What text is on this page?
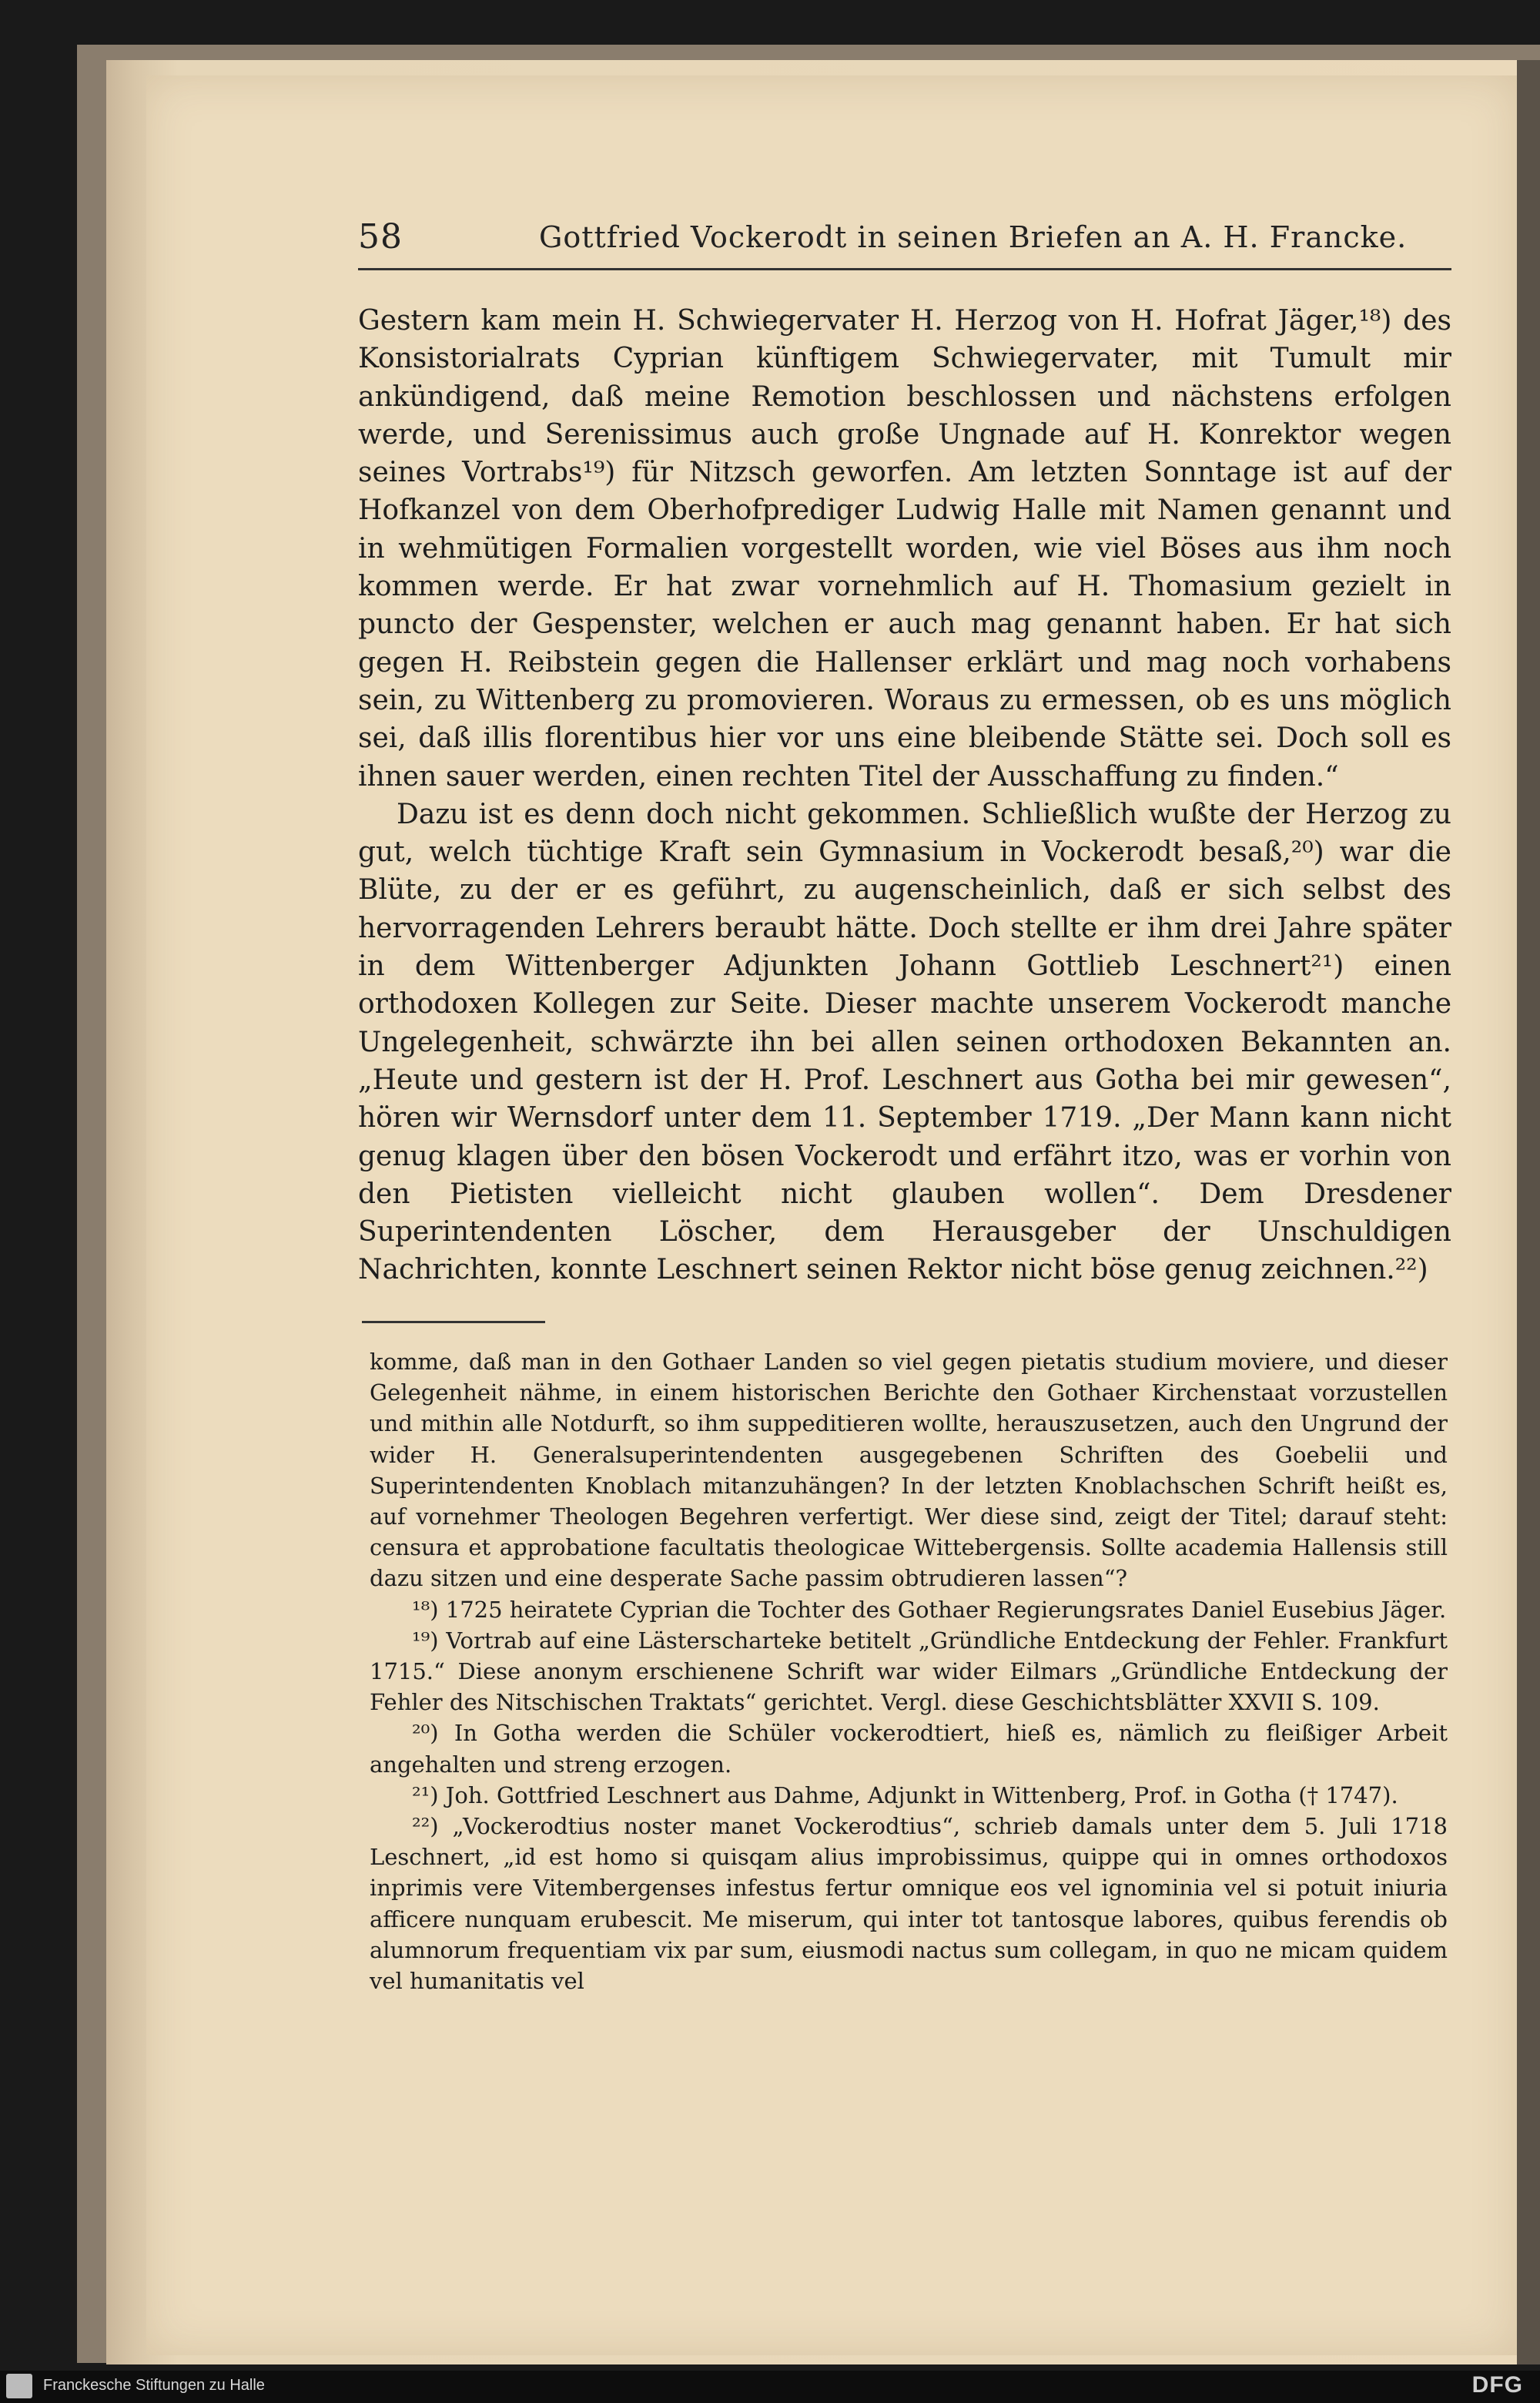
58	Gottfried Vockerodt in seinen Briefen an A. H. Francke.

Gestern kam mein H. Schwiegervater H. Herzog von H. Hofrat Jäger,¹⁸) des Konsistorialrats Cyprian künftigem Schwiegervater, mit Tumult mir ankündigend, daß meine Remotion beschlossen und nächstens erfolgen werde, und Serenissimus auch große Ungnade auf H. Konrektor wegen seines Vortrabs¹⁹) für Nitzsch geworfen. Am letzten Sonntage ist auf der Hofkanzel von dem Oberhofprediger Ludwig Halle mit Namen genannt und in wehmütigen Formalien vorgestellt worden, wie viel Böses aus ihm noch kommen werde. Er hat zwar vornehmlich auf H. Thomasium gezielt in puncto der Gespenster, welchen er auch mag genannt haben. Er hat sich gegen H. Reibstein gegen die Hallenser erklärt und mag noch vorhabens sein, zu Wittenberg zu promovieren. Woraus zu ermessen, ob es uns möglich sei, daß illis florentibus hier vor uns eine bleibende Stätte sei. Doch soll es ihnen sauer werden, einen rechten Titel der Ausschaffung zu finden.“

Dazu ist es denn doch nicht gekommen. Schließlich wußte der Herzog zu gut, welch tüchtige Kraft sein Gymnasium in Vockerodt besaß,²⁰) war die Blüte, zu der er es geführt, zu augenscheinlich, daß er sich selbst des hervorragenden Lehrers beraubt hätte. Doch stellte er ihm drei Jahre später in dem Wittenberger Adjunkten Johann Gottlieb Leschnert²¹) einen orthodoxen Kollegen zur Seite. Dieser machte unserem Vockerodt manche Ungelegenheit, schwärzte ihn bei allen seinen orthodoxen Bekannten an. „Heute und gestern ist der H. Prof. Leschnert aus Gotha bei mir gewesen“, hören wir Wernsdorf unter dem 11. September 1719. „Der Mann kann nicht genug klagen über den bösen Vockerodt und erfährt itzo, was er vorhin von den Pietisten vielleicht nicht glauben wollen“. Dem Dresdener Superintendenten Löscher, dem Herausgeber der Unschuldigen Nachrichten, konnte Leschnert seinen Rektor nicht böse genug zeichnen.²²)

komme, daß man in den Gothaer Landen so viel gegen pietatis studium moviere, und dieser Gelegenheit nähme, in einem historischen Berichte den Gothaer Kirchenstaat vorzustellen und mithin alle Notdurft, so ihm suppeditieren wollte, herauszusetzen, auch den Ungrund der wider H. Generalsuperintendenten ausgegebenen Schriften des Goebelii und Superintendenten Knoblach mitanzuhängen? In der letzten Knoblachschen Schrift heißt es, auf vornehmer Theologen Begehren verfertigt. Wer diese sind, zeigt der Titel; darauf steht: censura et approbatione facultatis theologicae Wittebergensis. Sollte academia Hallensis still dazu sitzen und eine desperate Sache passim obtrudieren lassen“?

¹⁸) 1725 heiratete Cyprian die Tochter des Gothaer Regierungsrates Daniel Eusebius Jäger.

¹⁹) Vortrab auf eine Lästerscharteke betitelt „Gründliche Entdeckung der Fehler. Frankfurt 1715.“ Diese anonym erschienene Schrift war wider Eilmars „Gründliche Entdeckung der Fehler des Nitschischen Traktats“ gerichtet. Vergl. diese Geschichtsblätter XXVII S. 109.

²⁰) In Gotha werden die Schüler vockerodtiert, hieß es, nämlich zu fleißiger Arbeit angehalten und streng erzogen.

²¹) Joh. Gottfried Leschnert aus Dahme, Adjunkt in Wittenberg, Prof. in Gotha († 1747).

²²) „Vockerodtius noster manet Vockerodtius“, schrieb damals unter dem 5. Juli 1718 Leschnert, „id est homo si quisqam alius improbissimus, quippe qui in omnes orthodoxos inprimis vere Vitembergenses infestus fertur omnique eos vel ignominia vel si potuit iniuria afficere nunquam erubescit. Me miserum, qui inter tot tantosque labores, quibus ferendis ob alumnorum frequentiam vix par sum, eiusmodi nactus sum collegam, in quo ne micam quidem vel humanitatis vel

Franckesche Stiftungen zu Halle	DFG
